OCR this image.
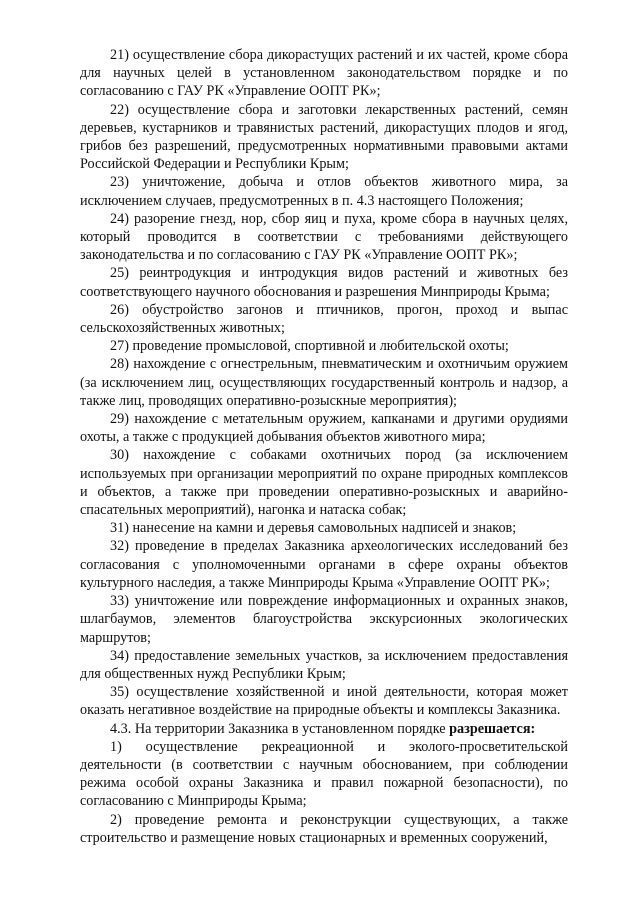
21) осуществление сбора дикорастущих растений и их частей, кроме сбора для научных целей в установленном законодательством порядке и по согласованию с ГАУ РК «Управление ООПТ РК»;

22) осуществление сбора и заготовки лекарственных растений, семян деревьев, кустарников и травянистых растений, дикорастущих плодов и ягод, грибов без разрешений, предусмотренных нормативными правовыми актами Российской Федерации и Республики Крым;

23) уничтожение, добыча и отлов объектов животного мира, за исключением случаев, предусмотренных в п. 4.3 настоящего Положения;

24) разорение гнезд, нор, сбор яиц и пуха, кроме сбора в научных целях, который проводится в соответствии с требованиями действующего законодательства и по согласованию с ГАУ РК «Управление ООПТ РК»;

25) реинтродукция и интродукция видов растений и животных без соответствующего научного обоснования и разрешения Минприроды Крыма;

26) обустройство загонов и птичников, прогон, проход и выпас сельскохозяйственных животных;

27) проведение промысловой, спортивной и любительской охоты;

28) нахождение с огнестрельным, пневматическим и охотничьим оружием (за исключением лиц, осуществляющих государственный контроль и надзор, а также лиц, проводящих оперативно-розыскные мероприятия);

29) нахождение с метательным оружием, капканами и другими орудиями охоты, а также с продукцией добывания объектов животного мира;

30) нахождение с собаками охотничьих пород (за исключением используемых при организации мероприятий по охране природных комплексов и объектов, а также при проведении оперативно-розыскных и аварийно-спасательных мероприятий), нагонка и натаска собак;

31) нанесение на камни и деревья самовольных надписей и знаков;

32) проведение в пределах Заказника археологических исследований без согласования с уполномоченными органами в сфере охраны объектов культурного наследия, а также Минприроды Крыма «Управление ООПТ РК»;

33) уничтожение или повреждение информационных и охранных знаков, шлагбаумов, элементов благоустройства экскурсионных экологических маршрутов;

34) предоставление земельных участков, за исключением предоставления для общественных нужд Республики Крым;

35) осуществление хозяйственной и иной деятельности, которая может оказать негативное воздействие на природные объекты и комплексы Заказника.

4.3. На территории Заказника в установленном порядке разрешается:

1) осуществление рекреационной и эколого-просветительской деятельности (в соответствии с научным обоснованием, при соблюдении режима особой охраны Заказника и правил пожарной безопасности), по согласованию с Минприроды Крыма;

2) проведение ремонта и реконструкции существующих, а также строительство и размещение новых стационарных и временных сооружений,
